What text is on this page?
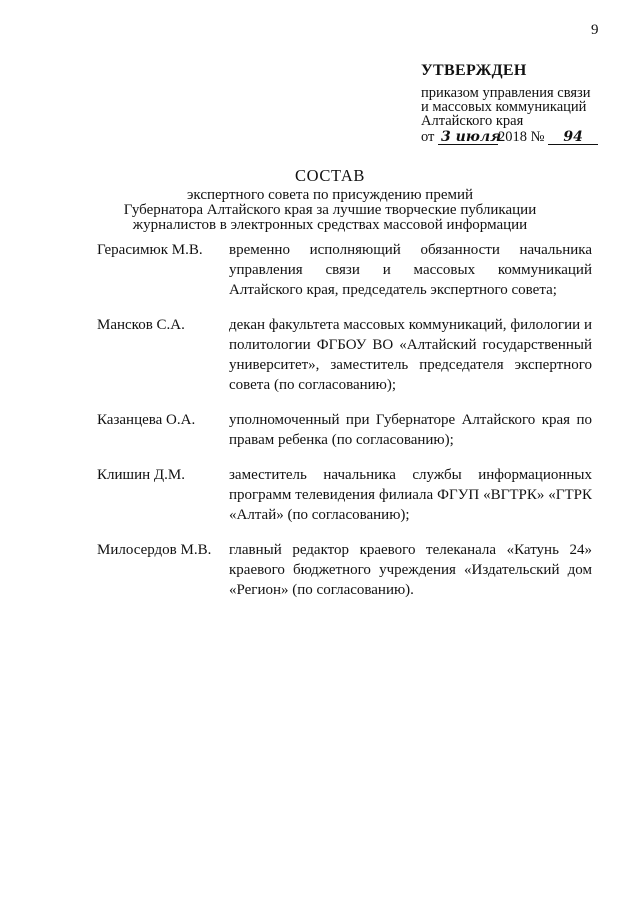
9
УТВЕРЖДЕН
приказом управления связи
и массовых коммуникаций
Алтайского края
от 3 июля2018 № 94
СОСТАВ
экспертного совета по присуждению премий
Губернатора Алтайского края за лучшие творческие публикации
журналистов в электронных средствах массовой информации
Герасимюк М.В.	временно исполняющий обязанности начальника управления связи и массовых коммуникаций Алтайского края, председатель экспертного совета;
Мансков С.А.	декан факультета массовых коммуникаций, филологии и политологии ФГБОУ ВО «Алтайский государственный университет», заместитель председателя экспертного совета (по согласованию);
Казанцева О.А.	уполномоченный при Губернаторе Алтайского края по правам ребенка (по согласованию);
Клишин Д.М.	заместитель начальника службы информационных программ телевидения филиала ФГУП «ВГТРК» «ГТРК «Алтай» (по согласованию);
Милосердов М.В.	главный редактор краевого телеканала «Катунь 24» краевого бюджетного учреждения «Издательский дом «Регион» (по согласованию).
